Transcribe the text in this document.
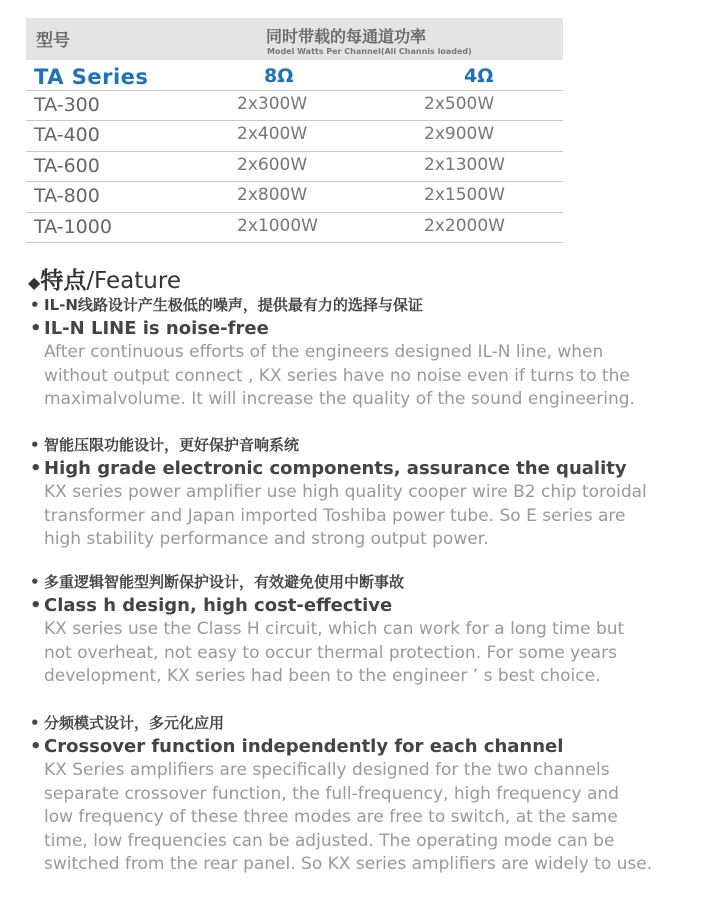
型号	同时带载的每通道功率
Model Watts Per Channel(All Channis loaded)
TA Series	8Ω	4Ω
TA-300	2x300W	2x500W
TA-400	2x400W	2x900W
TA-600	2x600W	2x1300W
TA-800	2x800W	2x1500W
TA-1000	2x1000W	2x2000W
◆特点/Feature
• IL-N线路设计产生极低的噪声，提供最有力的选择与保证
• IL-N LINE is noise-free
After continuous efforts of the engineers designed IL-N line, when
without output connect , KX series have no noise even if turns to the
maximalvolume. It will increase the quality of the sound engineering.
• 智能压限功能设计，更好保护音响系统
• High grade electronic components, assurance the quality
KX series power amplifier use high quality cooper wire B2 chip toroidal
transformer and Japan imported Toshiba power tube. So E series are
high stability performance and strong output power.
• 多重逻辑智能型判断保护设计，有效避免使用中断事故
• Class h design, high cost-effective
KX series use the Class H circuit, which can work for a long time but
not overheat, not easy to occur thermal protection. For some years
development, KX series had been to the engineer ’ s best choice.
• 分频模式设计，多元化应用
• Crossover function independently for each channel
KX Series amplifiers are specifically designed for the two channels
separate crossover function, the full-frequency, high frequency and
low frequency of these three modes are free to switch, at the same
time, low frequencies can be adjusted. The operating mode can be
switched from the rear panel. So KX series amplifiers are widely to use.
